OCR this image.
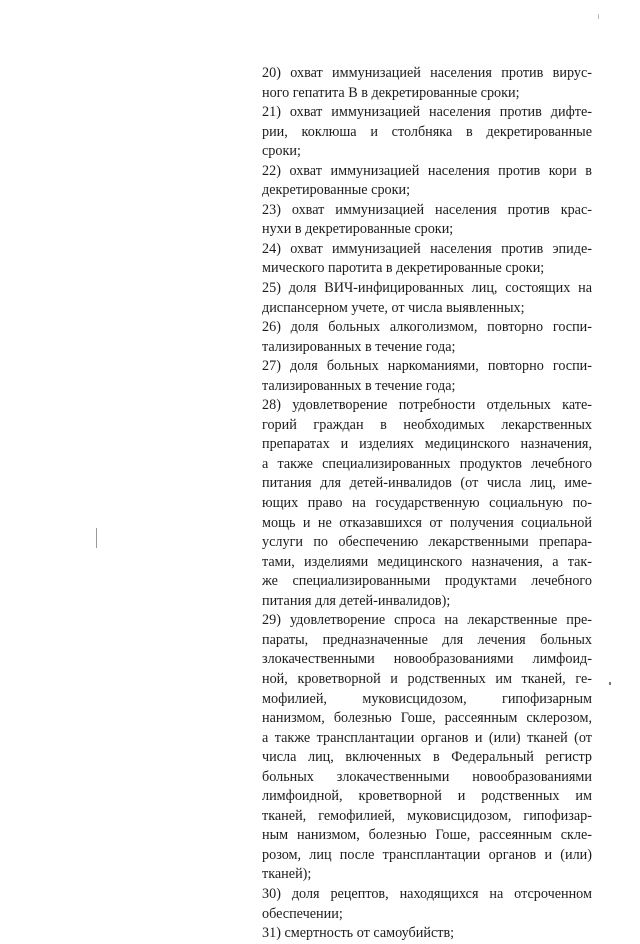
20) охват иммунизацией населения против вирус-

ного гепатита В в декретированные сроки;

21) охват иммунизацией населения против дифте-

рии, коклюша и столбняка в декретированные

сроки;

22) охват иммунизацией населения против кори в

декретированные сроки;

23) охват иммунизацией населения против крас-

нухи в декретированные сроки;

24) охват иммунизацией населения против эпиде-

мического паротита в декретированные сроки;

25) доля ВИЧ-инфицированных лиц, состоящих на

диспансерном учете, от числа выявленных;

26) доля больных алкоголизмом, повторно госпи-

тализированных в течение года;

27) доля больных наркоманиями, повторно госпи-

тализированных в течение года;

28) удовлетворение потребности отдельных кате-

горий граждан в необходимых лекарственных

препаратах и изделиях медицинского назначения,

а также специализированных продуктов лечебного

питания для детей-инвалидов (от числа лиц, име-

ющих право на государственную социальную по-

мощь и не отказавшихся от получения социальной

услуги по обеспечению лекарственными препара-

тами, изделиями медицинского назначения, а так-

же специализированными продуктами лечебного

питания для детей-инвалидов);

29) удовлетворение спроса на лекарственные пре-

параты, предназначенные для лечения больных

злокачественными новообразованиями лимфоид-

ной, кроветворной и родственных им тканей, ге-

мофилией, муковисцидозом, гипофизарным

нанизмом, болезнью Гоше, рассеянным склерозом,

а также трансплантации органов и (или) тканей (от

числа лиц, включенных в Федеральный регистр

больных злокачественными новообразованиями

лимфоидной, кроветворной и родственных им

тканей, гемофилией, муковисцидозом, гипофизар-

ным нанизмом, болезнью Гоше, рассеянным скле-

розом, лиц после трансплантации органов и (или)

тканей);

30) доля рецептов, находящихся на отсроченном

обеспечении;

31) смертность от самоубийств;
